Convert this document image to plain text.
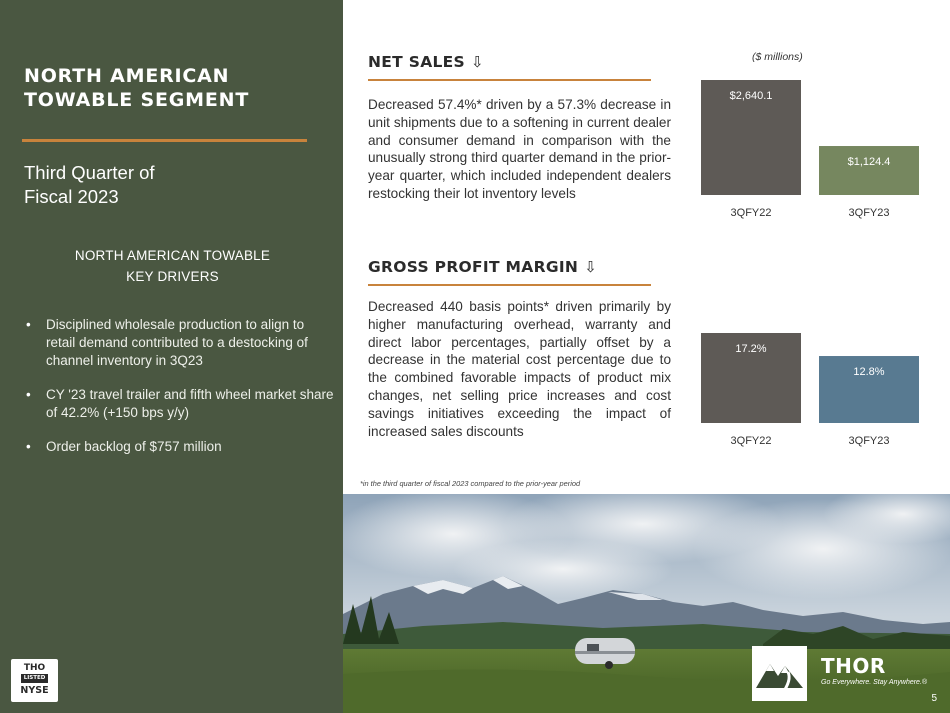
NORTH AMERICAN
TOWABLE SEGMENT
Third Quarter of
Fiscal 2023
NORTH AMERICAN TOWABLE
KEY DRIVERS
• Disciplined wholesale production to align to retail demand contributed to a destocking of channel inventory in 3Q23
• CY '23 travel trailer and fifth wheel market share of 42.2% (+150 bps y/y)
• Order backlog of $757 million
THO
LISTED
NYSE
NET SALES ⇩
Decreased 57.4%* driven by a 57.3% decrease in unit shipments due to a softening in current dealer and consumer demand in comparison with the unusually strong third quarter demand in the prior-year quarter, which included independent dealers restocking their lot inventory levels
GROSS PROFIT MARGIN ⇩
Decreased 440 basis points* driven primarily by higher manufacturing overhead, warranty and direct labor percentages, partially offset by a decrease in the material cost percentage due to the combined favorable impacts of product mix changes, net selling price increases and cost savings initiatives exceeding the impact of increased sales discounts
*in the third quarter of fiscal 2023 compared to the prior-year period
($ millions)
$2,640.1
3QFY22
$1,124.4
3QFY23
17.2%
3QFY22
12.8%
3QFY23
THOR
Go Everywhere. Stay Anywhere.®
5
